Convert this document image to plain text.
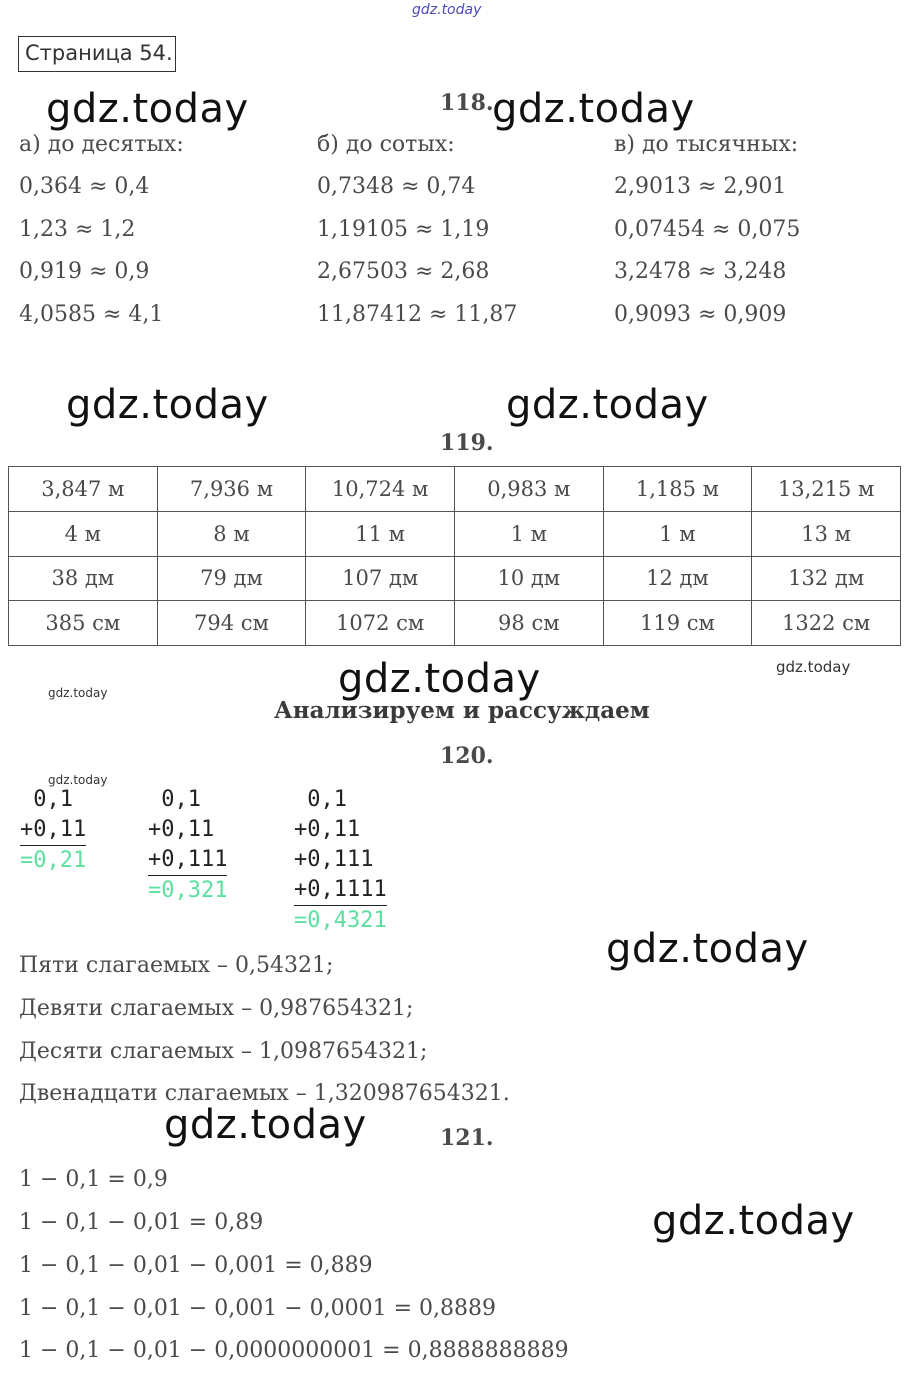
gdz.today
gdz.today	gdz.today
gdz.today	gdz.today
gdz.today	gdz.today
gdz.today
gdz.today
gdz.today
gdz.today
gdz.today
Страница 54.
118.
а) до десятых:
0,364 ≈ 0,4
1,23 ≈ 1,2
0,919 ≈ 0,9
4,0585 ≈ 4,1
б) до сотых:
0,7348 ≈ 0,74
1,19105 ≈ 1,19
2,67503 ≈ 2,68
11,87412 ≈ 11,87
в) до тысячных:
2,9013 ≈ 2,901
0,07454 ≈ 0,075
3,2478 ≈ 3,248
0,9093 ≈ 0,909
119.
3,847 м	7,936 м	10,724 м	0,983 м	1,185 м	13,215 м
4 м	8 м	11 м	1 м	1 м	13 м
38 дм	79 дм	107 дм	10 дм	12 дм	132 дм
385 см	794 см	1072 см	98 см	119 см	1322 см
Анализируем и рассуждаем
120.
0,1
+0,11
=0,21
0,1
+0,11
+0,111
=0,321
0,1
+0,11
+0,111
+0,1111
=0,4321
Пяти слагаемых – 0,54321;
Девяти слагаемых – 0,987654321;
Десяти слагаемых – 1,0987654321;
Двенадцати слагаемых – 1,320987654321.
121.
1 − 0,1 = 0,9
1 − 0,1 − 0,01 = 0,89
1 − 0,1 − 0,01 − 0,001 = 0,889
1 − 0,1 − 0,01 − 0,001 − 0,0001 = 0,8889
1 − 0,1 − 0,01 − 0,0000000001 = 0,8888888889
